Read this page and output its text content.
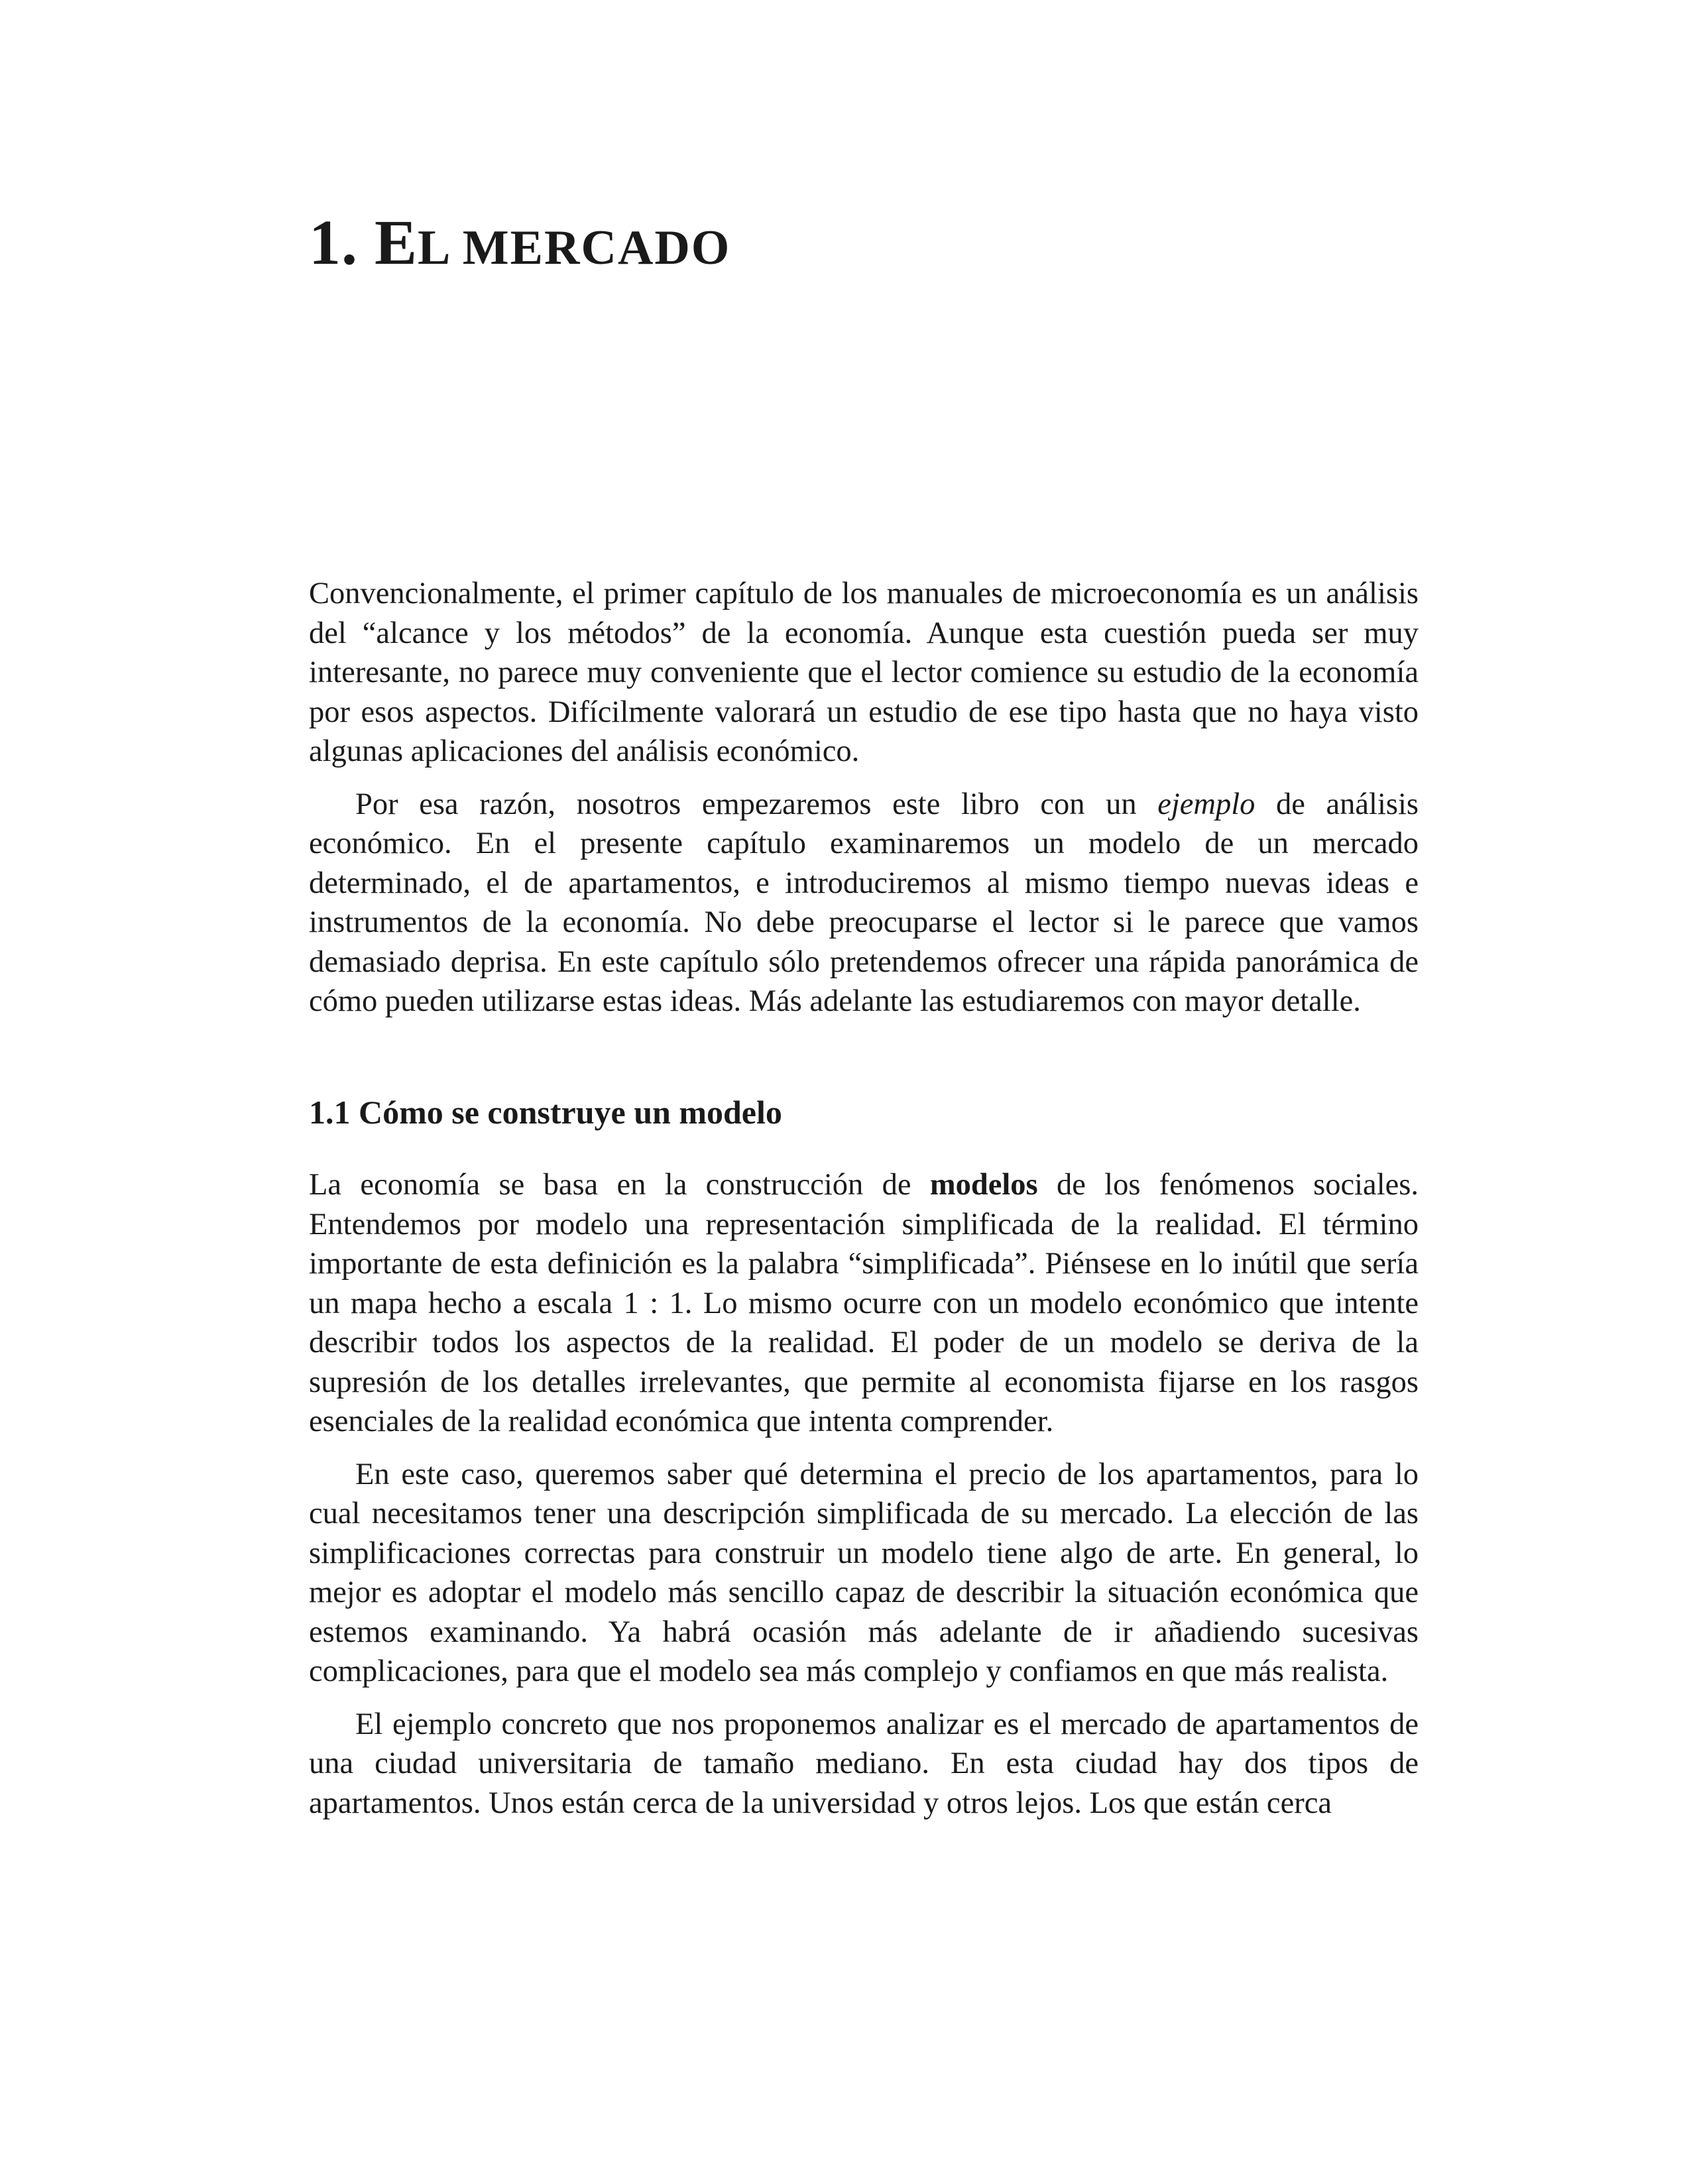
1. EL MERCADO

Convencionalmente, el primer capítulo de los manuales de microeconomía es un análisis del “alcance y los métodos” de la economía. Aunque esta cuestión pueda ser muy interesante, no parece muy conveniente que el lector comience su estudio de la economía por esos aspectos. Difícilmente valorará un estudio de ese tipo hasta que no haya visto algunas aplicaciones del análisis económico.

Por esa razón, nosotros empezaremos este libro con un ejemplo de análisis económico. En el presente capítulo examinaremos un modelo de un mercado determinado, el de apartamentos, e introduciremos al mismo tiempo nuevas ideas e instrumentos de la economía. No debe preocuparse el lector si le parece que vamos demasiado deprisa. En este capítulo sólo pretendemos ofrecer una rápida panorámica de cómo pueden utilizarse estas ideas. Más adelante las estudiaremos con mayor detalle.

1.1 Cómo se construye un modelo

La economía se basa en la construcción de modelos de los fenómenos sociales. Entendemos por modelo una representación simplificada de la realidad. El término importante de esta definición es la palabra “simplificada”. Piénsese en lo inútil que sería un mapa hecho a escala 1 : 1. Lo mismo ocurre con un modelo económico que intente describir todos los aspectos de la realidad. El poder de un modelo se deriva de la supresión de los detalles irrelevantes, que permite al economista fijarse en los rasgos esenciales de la realidad económica que intenta comprender.

En este caso, queremos saber qué determina el precio de los apartamentos, para lo cual necesitamos tener una descripción simplificada de su mercado. La elección de las simplificaciones correctas para construir un modelo tiene algo de arte. En general, lo mejor es adoptar el modelo más sencillo capaz de describir la situación económica que estemos examinando. Ya habrá ocasión más adelante de ir añadiendo sucesivas complicaciones, para que el modelo sea más complejo y confiamos en que más realista.

El ejemplo concreto que nos proponemos analizar es el mercado de apartamentos de una ciudad universitaria de tamaño mediano. En esta ciudad hay dos tipos de apartamentos. Unos están cerca de la universidad y otros lejos. Los que están cerca
